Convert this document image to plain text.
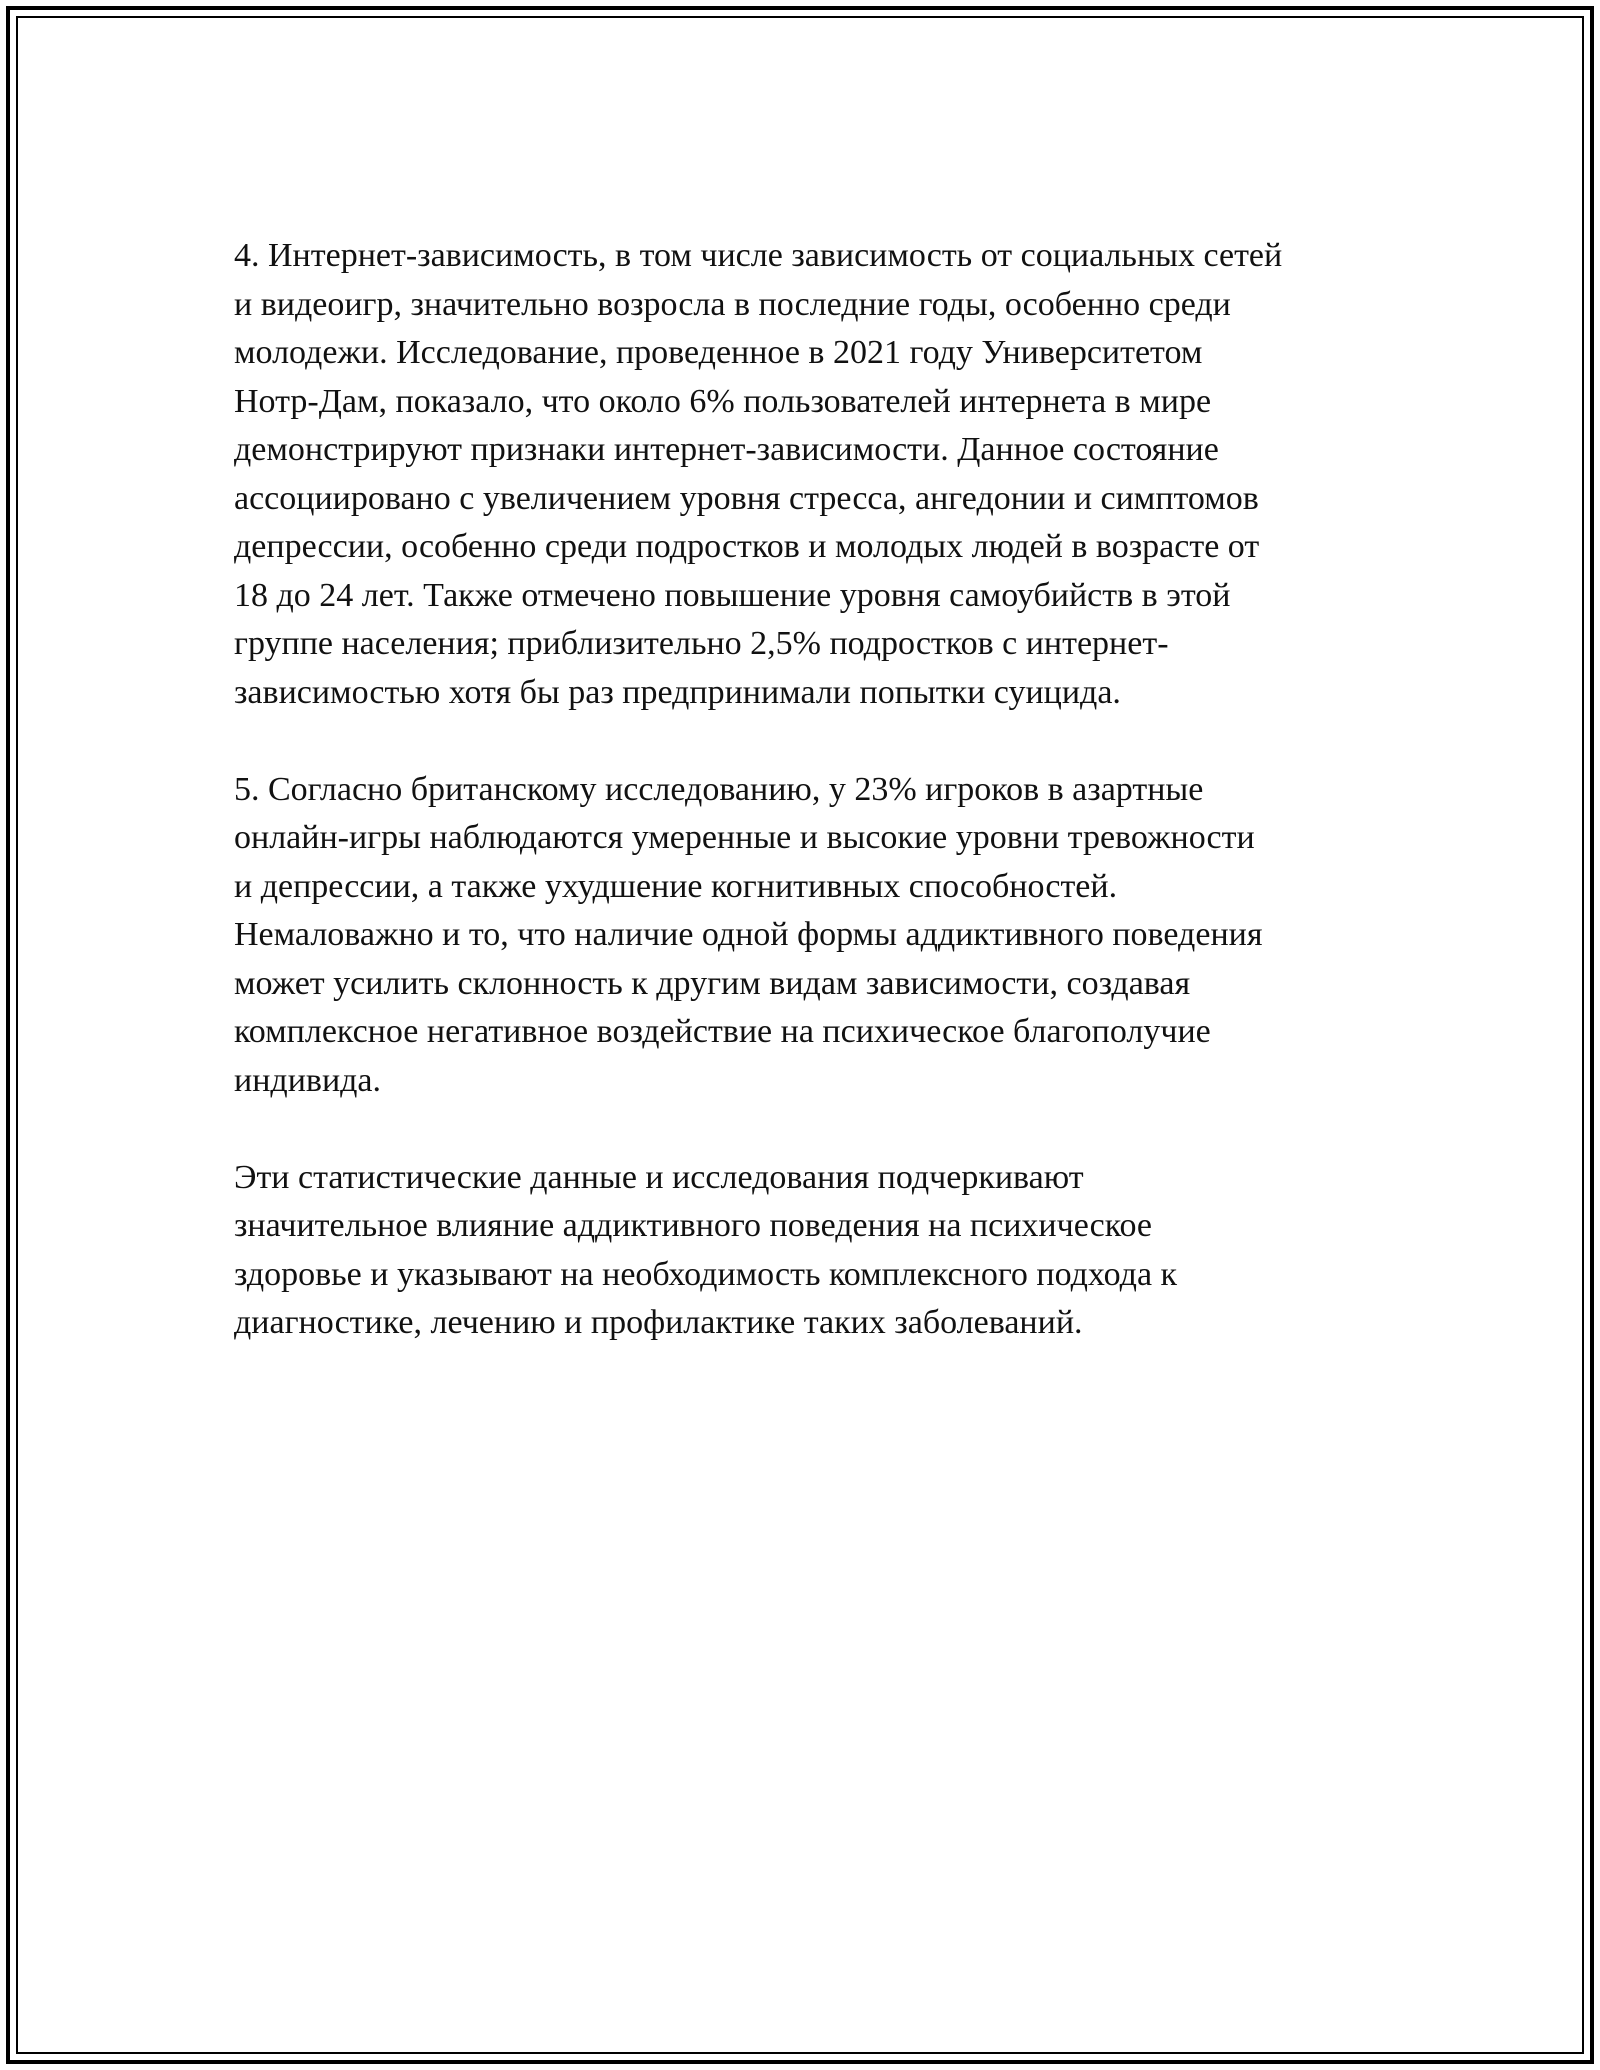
4. Интернет-зависимость, в том числе зависимость от социальных сетей
и видеоигр, значительно возросла в последние годы, особенно среди
молодежи. Исследование, проведенное в 2021 году Университетом
Нотр-Дам, показало, что около 6% пользователей интернета в мире
демонстрируют признаки интернет-зависимости. Данное состояние
ассоциировано с увеличением уровня стресса, ангедонии и симптомов
депрессии, особенно среди подростков и молодых людей в возрасте от
18 до 24 лет. Также отмечено повышение уровня самоубийств в этой
группе населения; приблизительно 2,5% подростков с интернет-
зависимостью хотя бы раз предпринимали попытки суицида.

5. Согласно британскому исследованию, у 23% игроков в азартные
онлайн-игры наблюдаются умеренные и высокие уровни тревожности
и депрессии, а также ухудшение когнитивных способностей.
Немаловажно и то, что наличие одной формы аддиктивного поведения
может усилить склонность к другим видам зависимости, создавая
комплексное негативное воздействие на психическое благополучие
индивида.

Эти статистические данные и исследования подчеркивают
значительное влияние аддиктивного поведения на психическое
здоровье и указывают на необходимость комплексного подхода к
диагностике, лечению и профилактике таких заболеваний.
